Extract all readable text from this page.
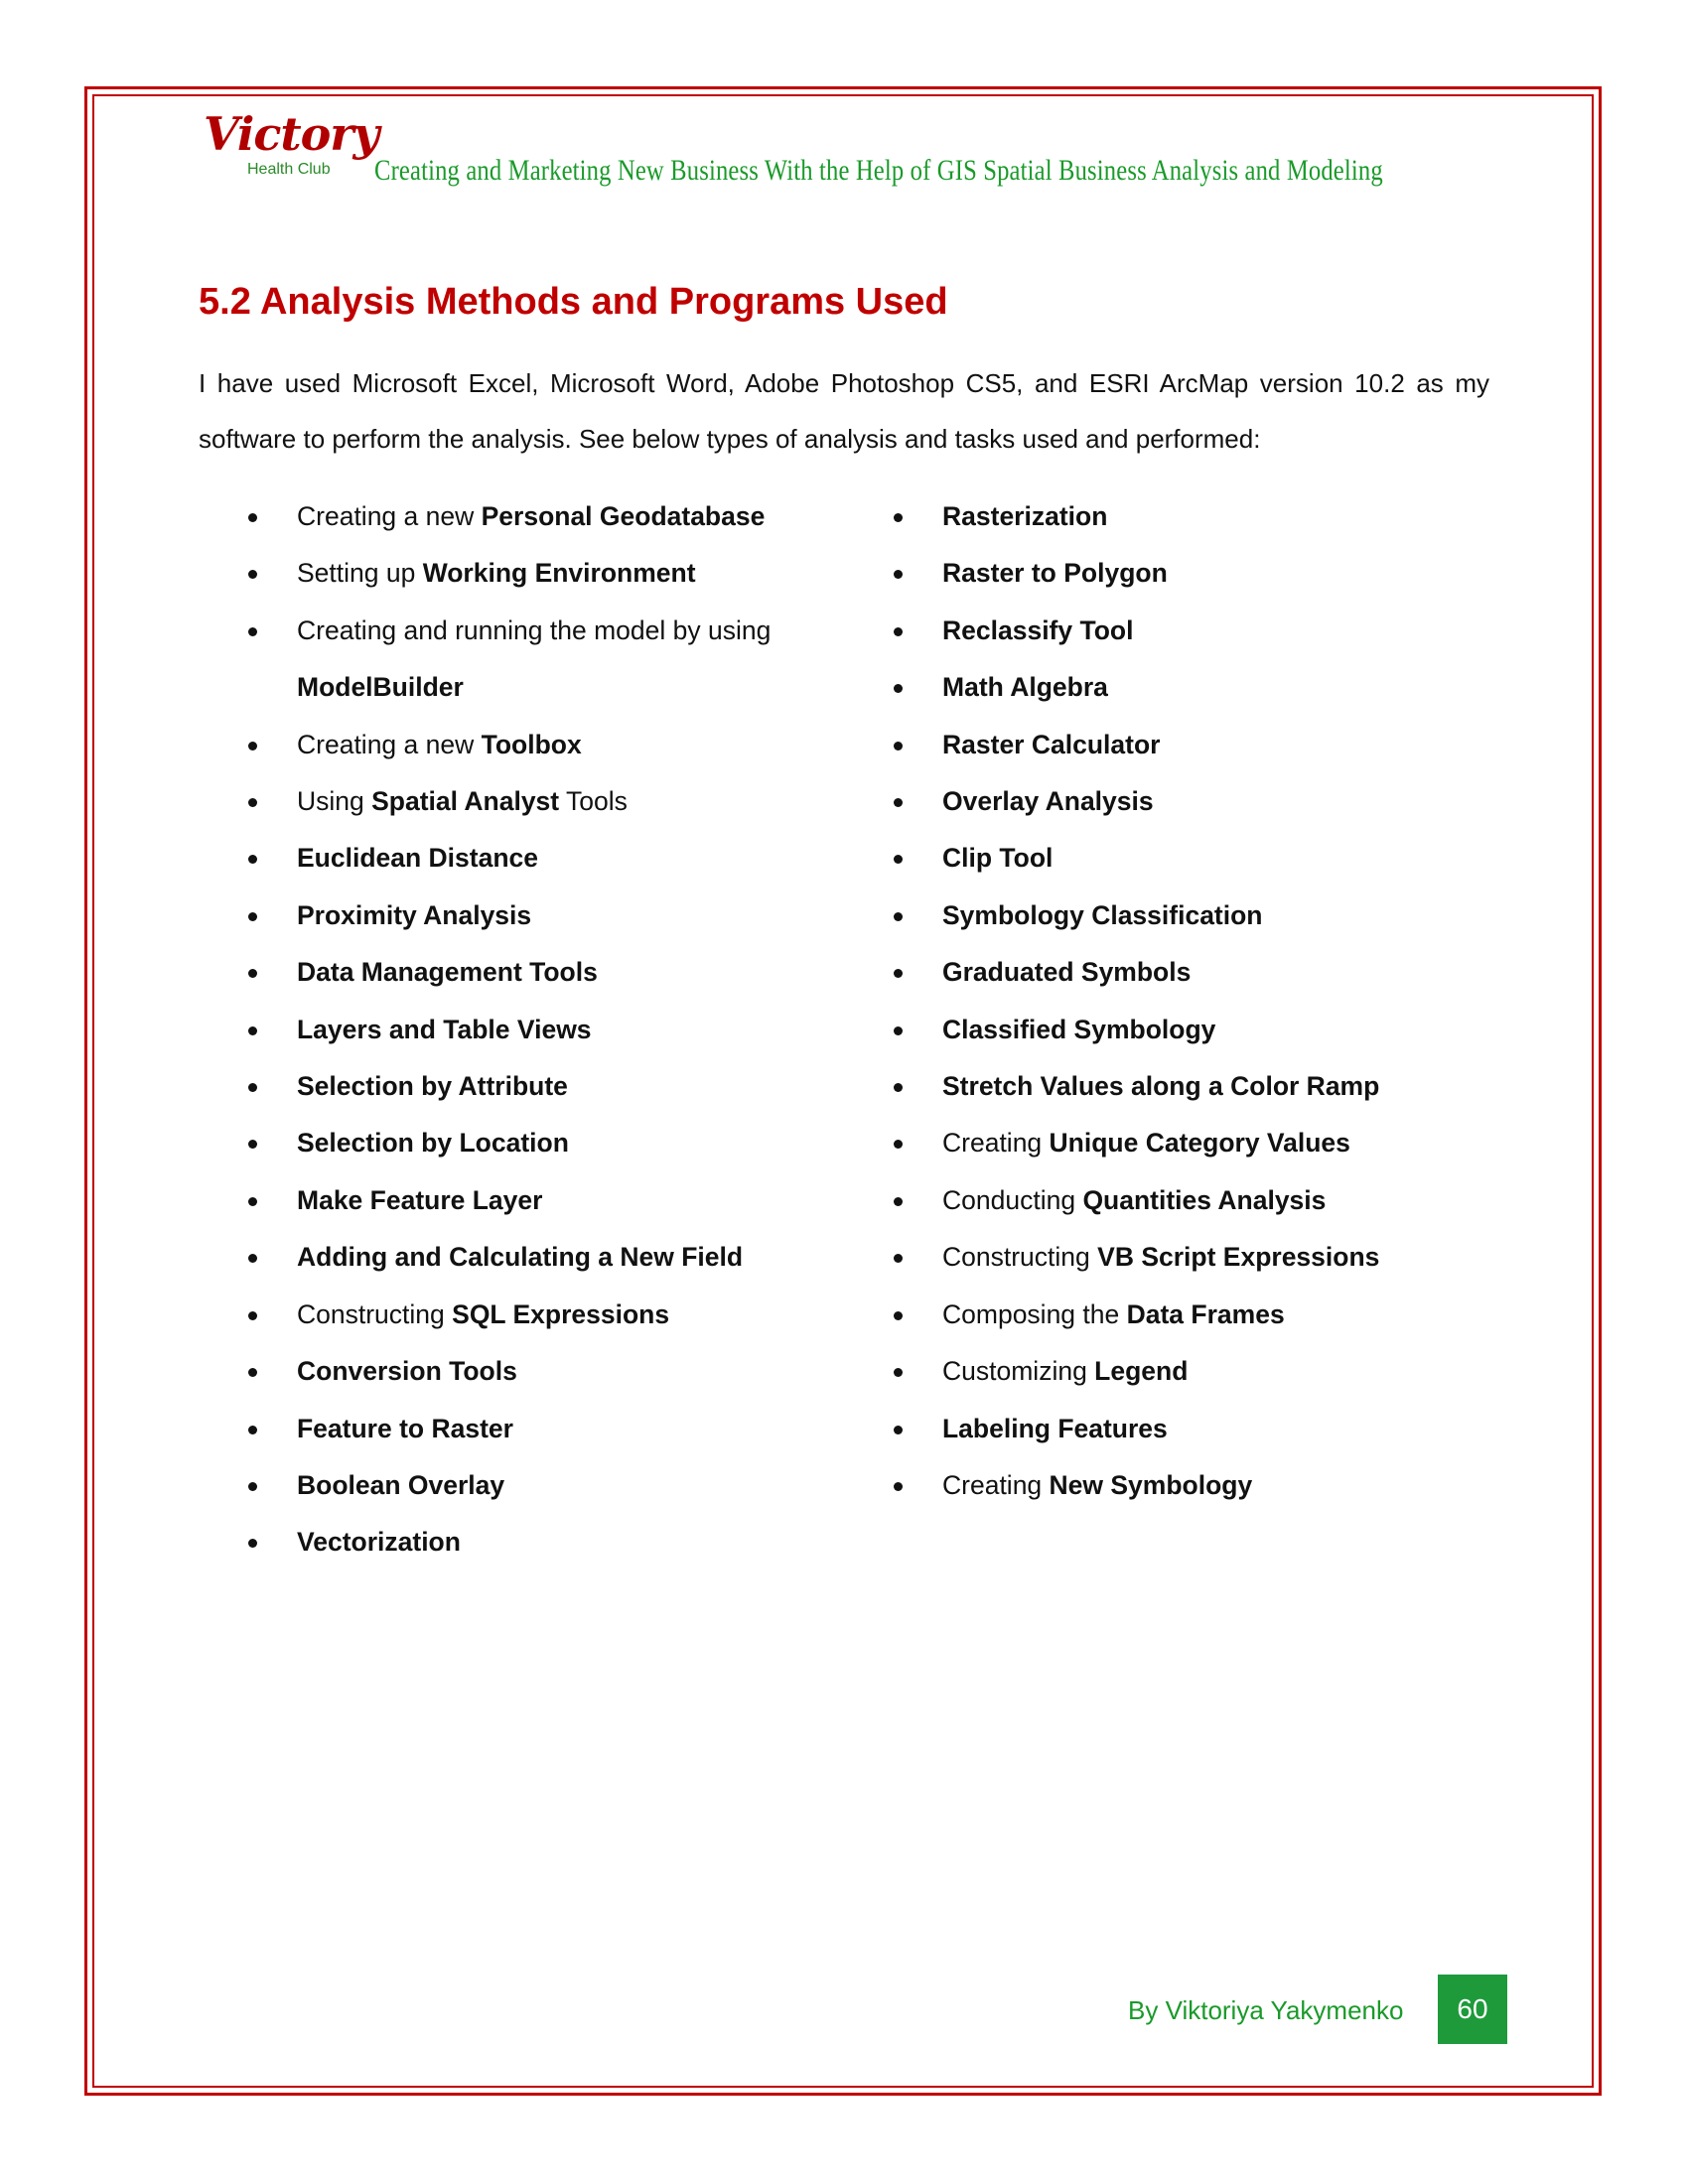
Victory
Health Club Creating and Marketing New Business With the Help of GIS Spatial Business Analysis and Modeling
5.2 Analysis Methods and Programs Used

I have used Microsoft Excel, Microsoft Word, Adobe Photoshop CS5, and ESRI ArcMap version 10.2 as my software to perform the analysis. See below types of analysis and tasks used and performed:

Creating a new Personal Geodatabase
Setting up Working Environment
Creating and running the model by using ModelBuilder
Creating a new Toolbox
Using Spatial Analyst Tools
Euclidean Distance
Proximity Analysis
Data Management Tools
Layers and Table Views
Selection by Attribute
Selection by Location
Make Feature Layer
Adding and Calculating a New Field
Constructing SQL Expressions
Conversion Tools
Feature to Raster
Boolean Overlay
Vectorization
Rasterization
Raster to Polygon
Reclassify Tool
Math Algebra
Raster Calculator
Overlay Analysis
Clip Tool
Symbology Classification
Graduated Symbols
Classified Symbology
Stretch Values along a Color Ramp
Creating Unique Category Values
Conducting Quantities Analysis
Constructing VB Script Expressions
Composing the Data Frames
Customizing Legend
Labeling Features
Creating New Symbology
By Viktoriya Yakymenko 60
